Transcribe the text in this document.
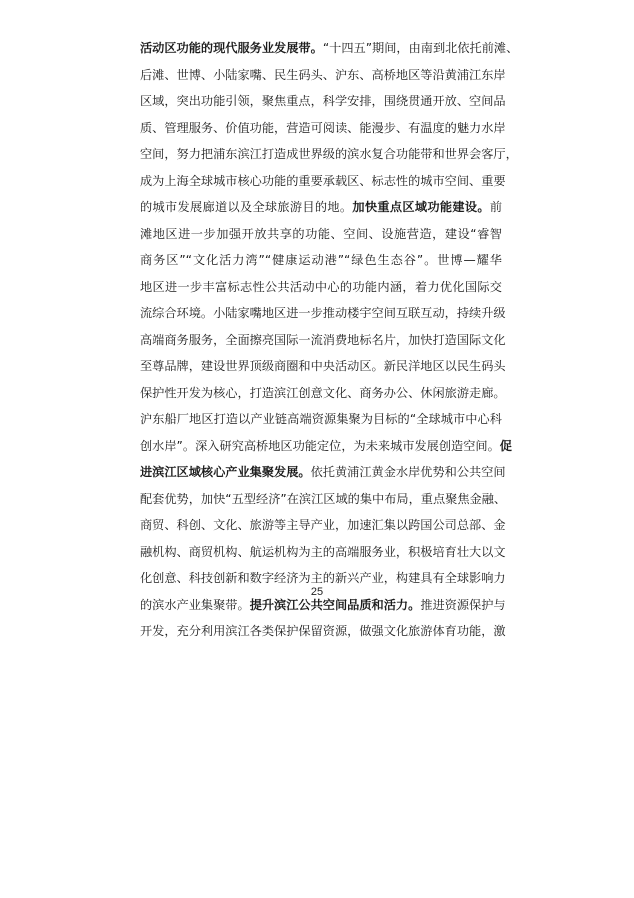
活动区功能的现代服务业发展带。“十四五”期间，由南到北依托前滩、
后滩、世博、小陆家嘴、民生码头、沪东、高桥地区等沿黄浦江东岸
区域，突出功能引领，聚焦重点，科学安排，围绕贯通开放、空间品
质、管理服务、价值功能，营造可阅读、能漫步、有温度的魅力水岸
空间，努力把浦东滨江打造成世界级的滨水复合功能带和世界会客厅，
成为上海全球城市核心功能的重要承载区、标志性的城市空间、重要
的城市发展廊道以及全球旅游目的地。加快重点区域功能建设。前
滩地区进一步加强开放共享的功能、空间、设施营造，建设“睿智
商务区”“文化活力湾”“健康运动港”“绿色生态谷”。世博—耀华
地区进一步丰富标志性公共活动中心的功能内涵，着力优化国际交
流综合环境。小陆家嘴地区进一步推动楼宇空间互联互动，持续升级
高端商务服务，全面擦亮国际一流消费地标名片，加快打造国际文化
至尊品牌，建设世界顶级商圈和中央活动区。新民洋地区以民生码头
保护性开发为核心，打造滨江创意文化、商务办公、休闲旅游走廊。
沪东船厂地区打造以产业链高端资源集聚为目标的“全球城市中心科
创水岸”。深入研究高桥地区功能定位，为未来城市发展创造空间。促
进滨江区域核心产业集聚发展。依托黄浦江黄金水岸优势和公共空间
配套优势，加快“五型经济”在滨江区域的集中布局，重点聚焦金融、
商贸、科创、文化、旅游等主导产业，加速汇集以跨国公司总部、金
融机构、商贸机构、航运机构为主的高端服务业，积极培育壮大以文
化创意、科技创新和数字经济为主的新兴产业，构建具有全球影响力
的滨水产业集聚带。提升滨江公共空间品质和活力。推进资源保护与
开发，充分利用滨江各类保护保留资源，做强文化旅游体育功能，激
25
